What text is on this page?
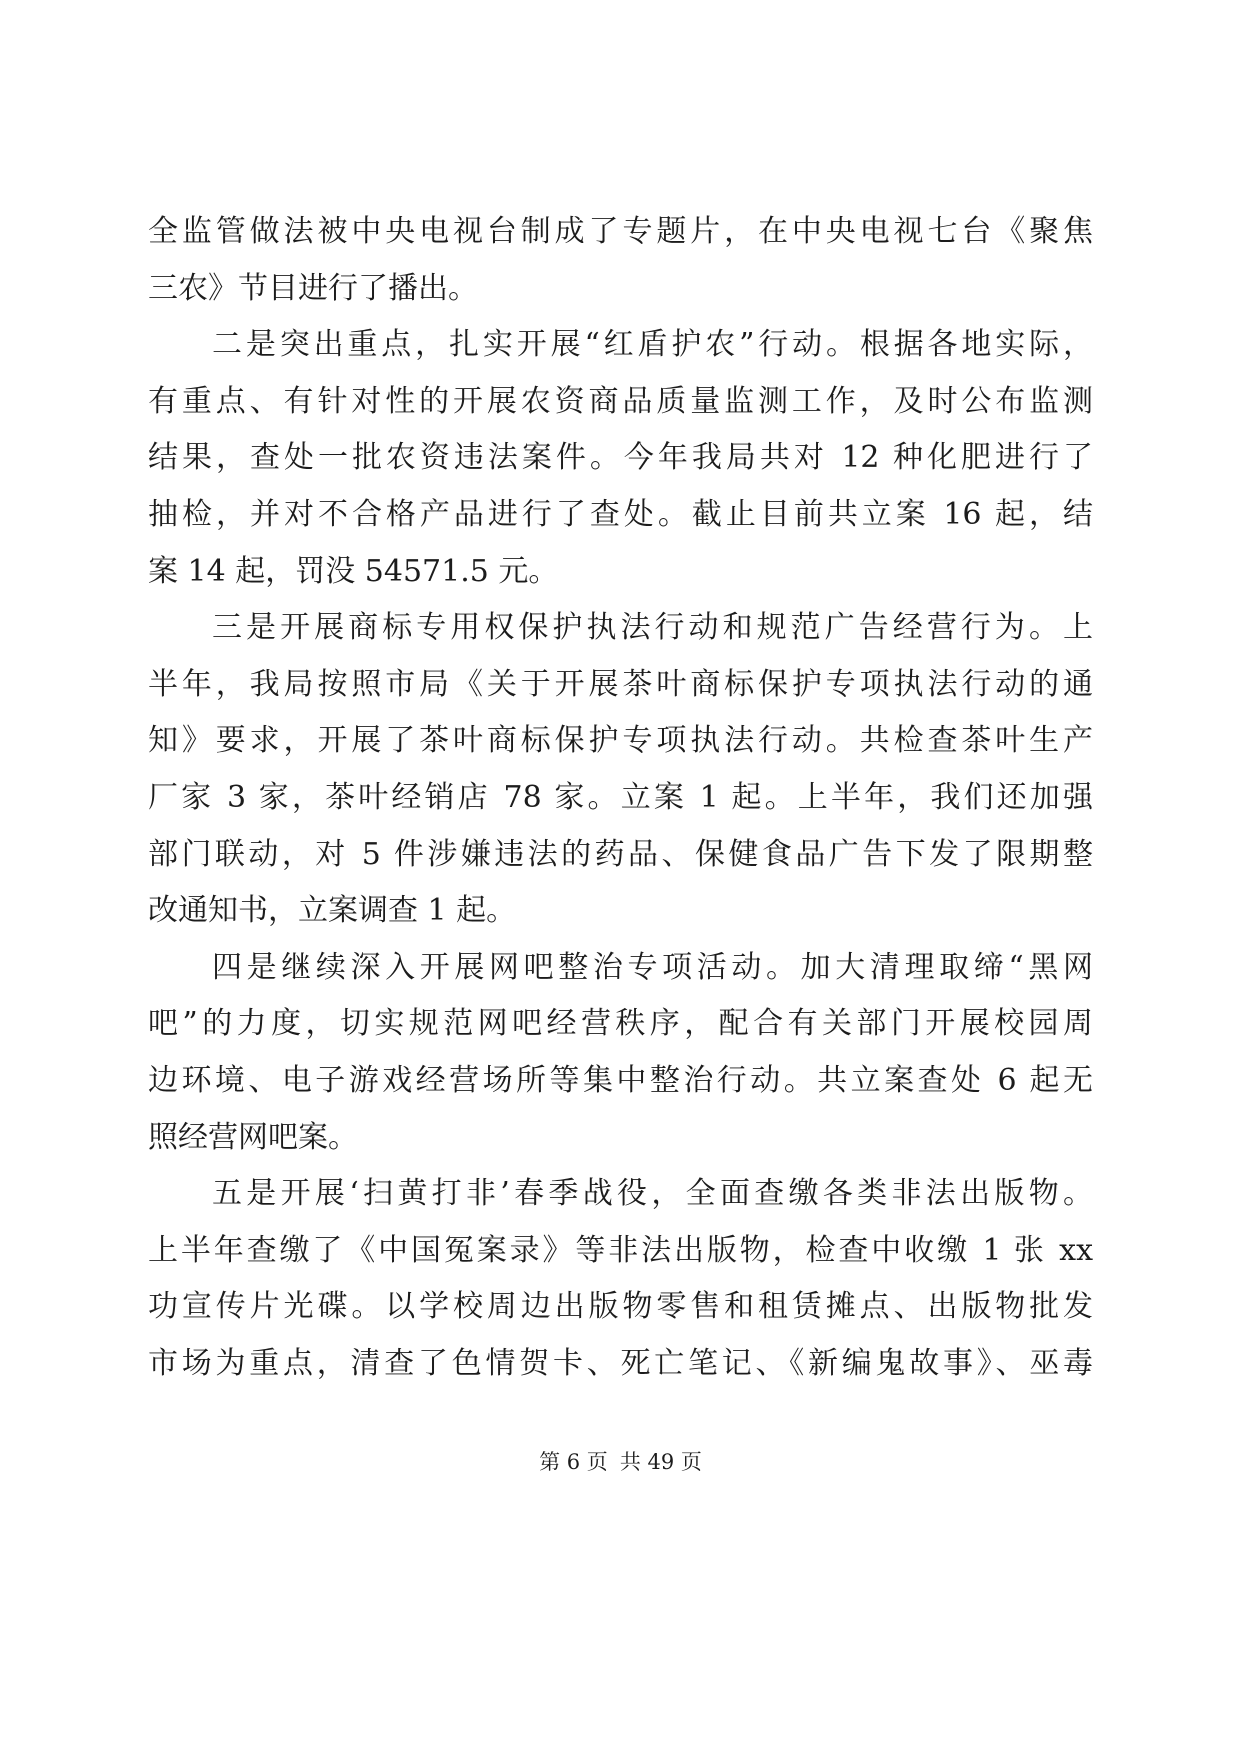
全监管做法被中央电视台制成了专题片，在中央电视七台《聚焦
三农》节目进行了播出。
二是突出重点，扎实开展“红盾护农”行动。根据各地实际，
有重点、有针对性的开展农资商品质量监测工作，及时公布监测
结果，查处一批农资违法案件。今年我局共对 12 种化肥进行了
抽检，并对不合格产品进行了查处。截止目前共立案 16 起，结
案 14 起，罚没 54571.5 元。
三是开展商标专用权保护执法行动和规范广告经营行为。上
半年，我局按照市局《关于开展茶叶商标保护专项执法行动的通
知》要求，开展了茶叶商标保护专项执法行动。共检查茶叶生产
厂家 3 家，茶叶经销店 78 家。立案 1 起。上半年，我们还加强
部门联动，对 5 件涉嫌违法的药品、保健食品广告下发了限期整
改通知书，立案调查 1 起。
四是继续深入开展网吧整治专项活动。加大清理取缔“黑网
吧”的力度，切实规范网吧经营秩序，配合有关部门开展校园周
边环境、电子游戏经营场所等集中整治行动。共立案查处 6 起无
照经营网吧案。
五是开展‘扫黄打非’春季战役，全面查缴各类非法出版物。
上半年查缴了《中国冤案录》等非法出版物，检查中收缴 1 张 xx
功宣传片光碟。以学校周边出版物零售和租赁摊点、出版物批发
市场为重点，清查了色情贺卡、死亡笔记、《新编鬼故事》、巫毒
第 6 页 共 49 页
